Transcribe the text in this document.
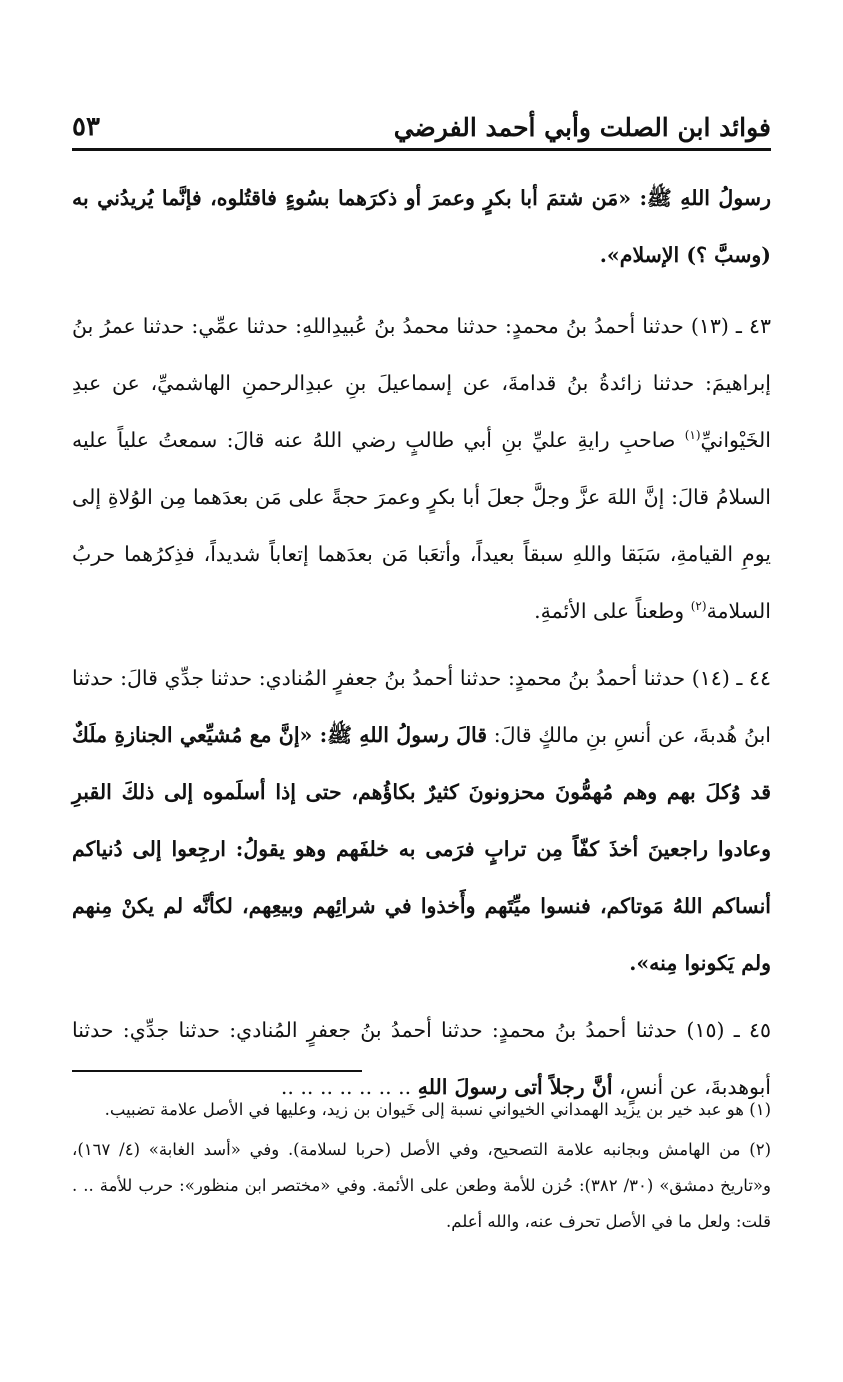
فوائد ابن الصلت وأبي أحمد الفرضي
٥٣

رسولُ اللهِ ﷺ: «مَن شتمَ أبا بكرٍ وعمرَ أو ذكرَهما بسُوءٍ فاقتُلوه، فإنَّما يُريدُني به (وسبَّ ؟) الإسلام».

٤٣ ـ (١٣) حدثنا أحمدُ بنُ محمدٍ: حدثنا محمدُ بنُ عُبيدِاللهِ: حدثنا عمِّي: حدثنا عمرُ بنُ إبراهيمَ: حدثنا زائدةُ بنُ قدامةَ، عن إسماعيلَ بنِ عبدِالرحمنِ الهاشميِّ، عن عبدِ الخَيْوانيِّ$^{(١)}$ صاحبِ رايةِ عليِّ بنِ أبي طالبٍ رضي اللهُ عنه قالَ: سمعتُ علياً عليه السلامُ قالَ: إنَّ اللهَ عزَّ وجلَّ جعلَ أبا بكرٍ وعمرَ حجةً على مَن بعدَهما مِن الوُلاةِ إلى يومِ القيامةِ، سَبَقا واللهِ سبقاً بعيداً، وأتعَبا مَن بعدَهما إتعاباً شديداً، فذِكرُهما حربُ السلامة$^{(٢)}$ وطعناً على الأئمةِ.

٤٤ ـ (١٤) حدثنا أحمدُ بنُ محمدٍ: حدثنا أحمدُ بنُ جعفرٍ المُنادي: حدثنا جدِّي قالَ: حدثنا ابنُ هُدبةَ، عن أنسِ بنِ مالكٍ قالَ: قالَ رسولُ اللهِ ﷺ: «إنَّ مع مُشيِّعي الجنازةِ ملَكٌ قد وُكلَ بهم وهم مُهمُّونَ محزونونَ كثيرٌ بكاؤُهم، حتى إذا أسلَموه إلى ذلكَ القبرِ وعادوا راجعينَ أخذَ كفّاً مِن ترابٍ فرَمى به خلفَهم وهو يقولُ: ارجِعوا إلى دُنياكم أنساكم اللهُ مَوتاكم، فنسوا ميِّتَهم وأَخذوا في شرائِهم وبيعِهم، لكأنَّه لم يكنْ مِنهم ولم يَكونوا مِنه».

٤٥ ـ (١٥) حدثنا أحمدُ بنُ محمدٍ: حدثنا أحمدُ بنُ جعفرٍ المُنادي: حدثنا جدِّي: حدثنا أبوهدبةَ، عن أنسٍ، أنَّ رجلاً أتى رسولَ اللهِ .. .. .. .. .. .. ..

(١) هو عبد خير بن يزيد الهمداني الخيواني نسبة إلى خَيوان بن زيد، وعليها في الأصل علامة تضبيب.

(٢) من الهامش وبجانبه علامة التصحيح، وفي الأصل (حربا لسلامة). وفي «أسد الغابة» (٤/ ١٦٧)، و«تاريخ دمشق» (٣٠/ ٣٨٢): حُزن للأمة وطعن على الأئمة. وفي «مختصر ابن منظور»: حرب للأمة .. . قلت: ولعل ما في الأصل تحرف عنه، والله أعلم.
